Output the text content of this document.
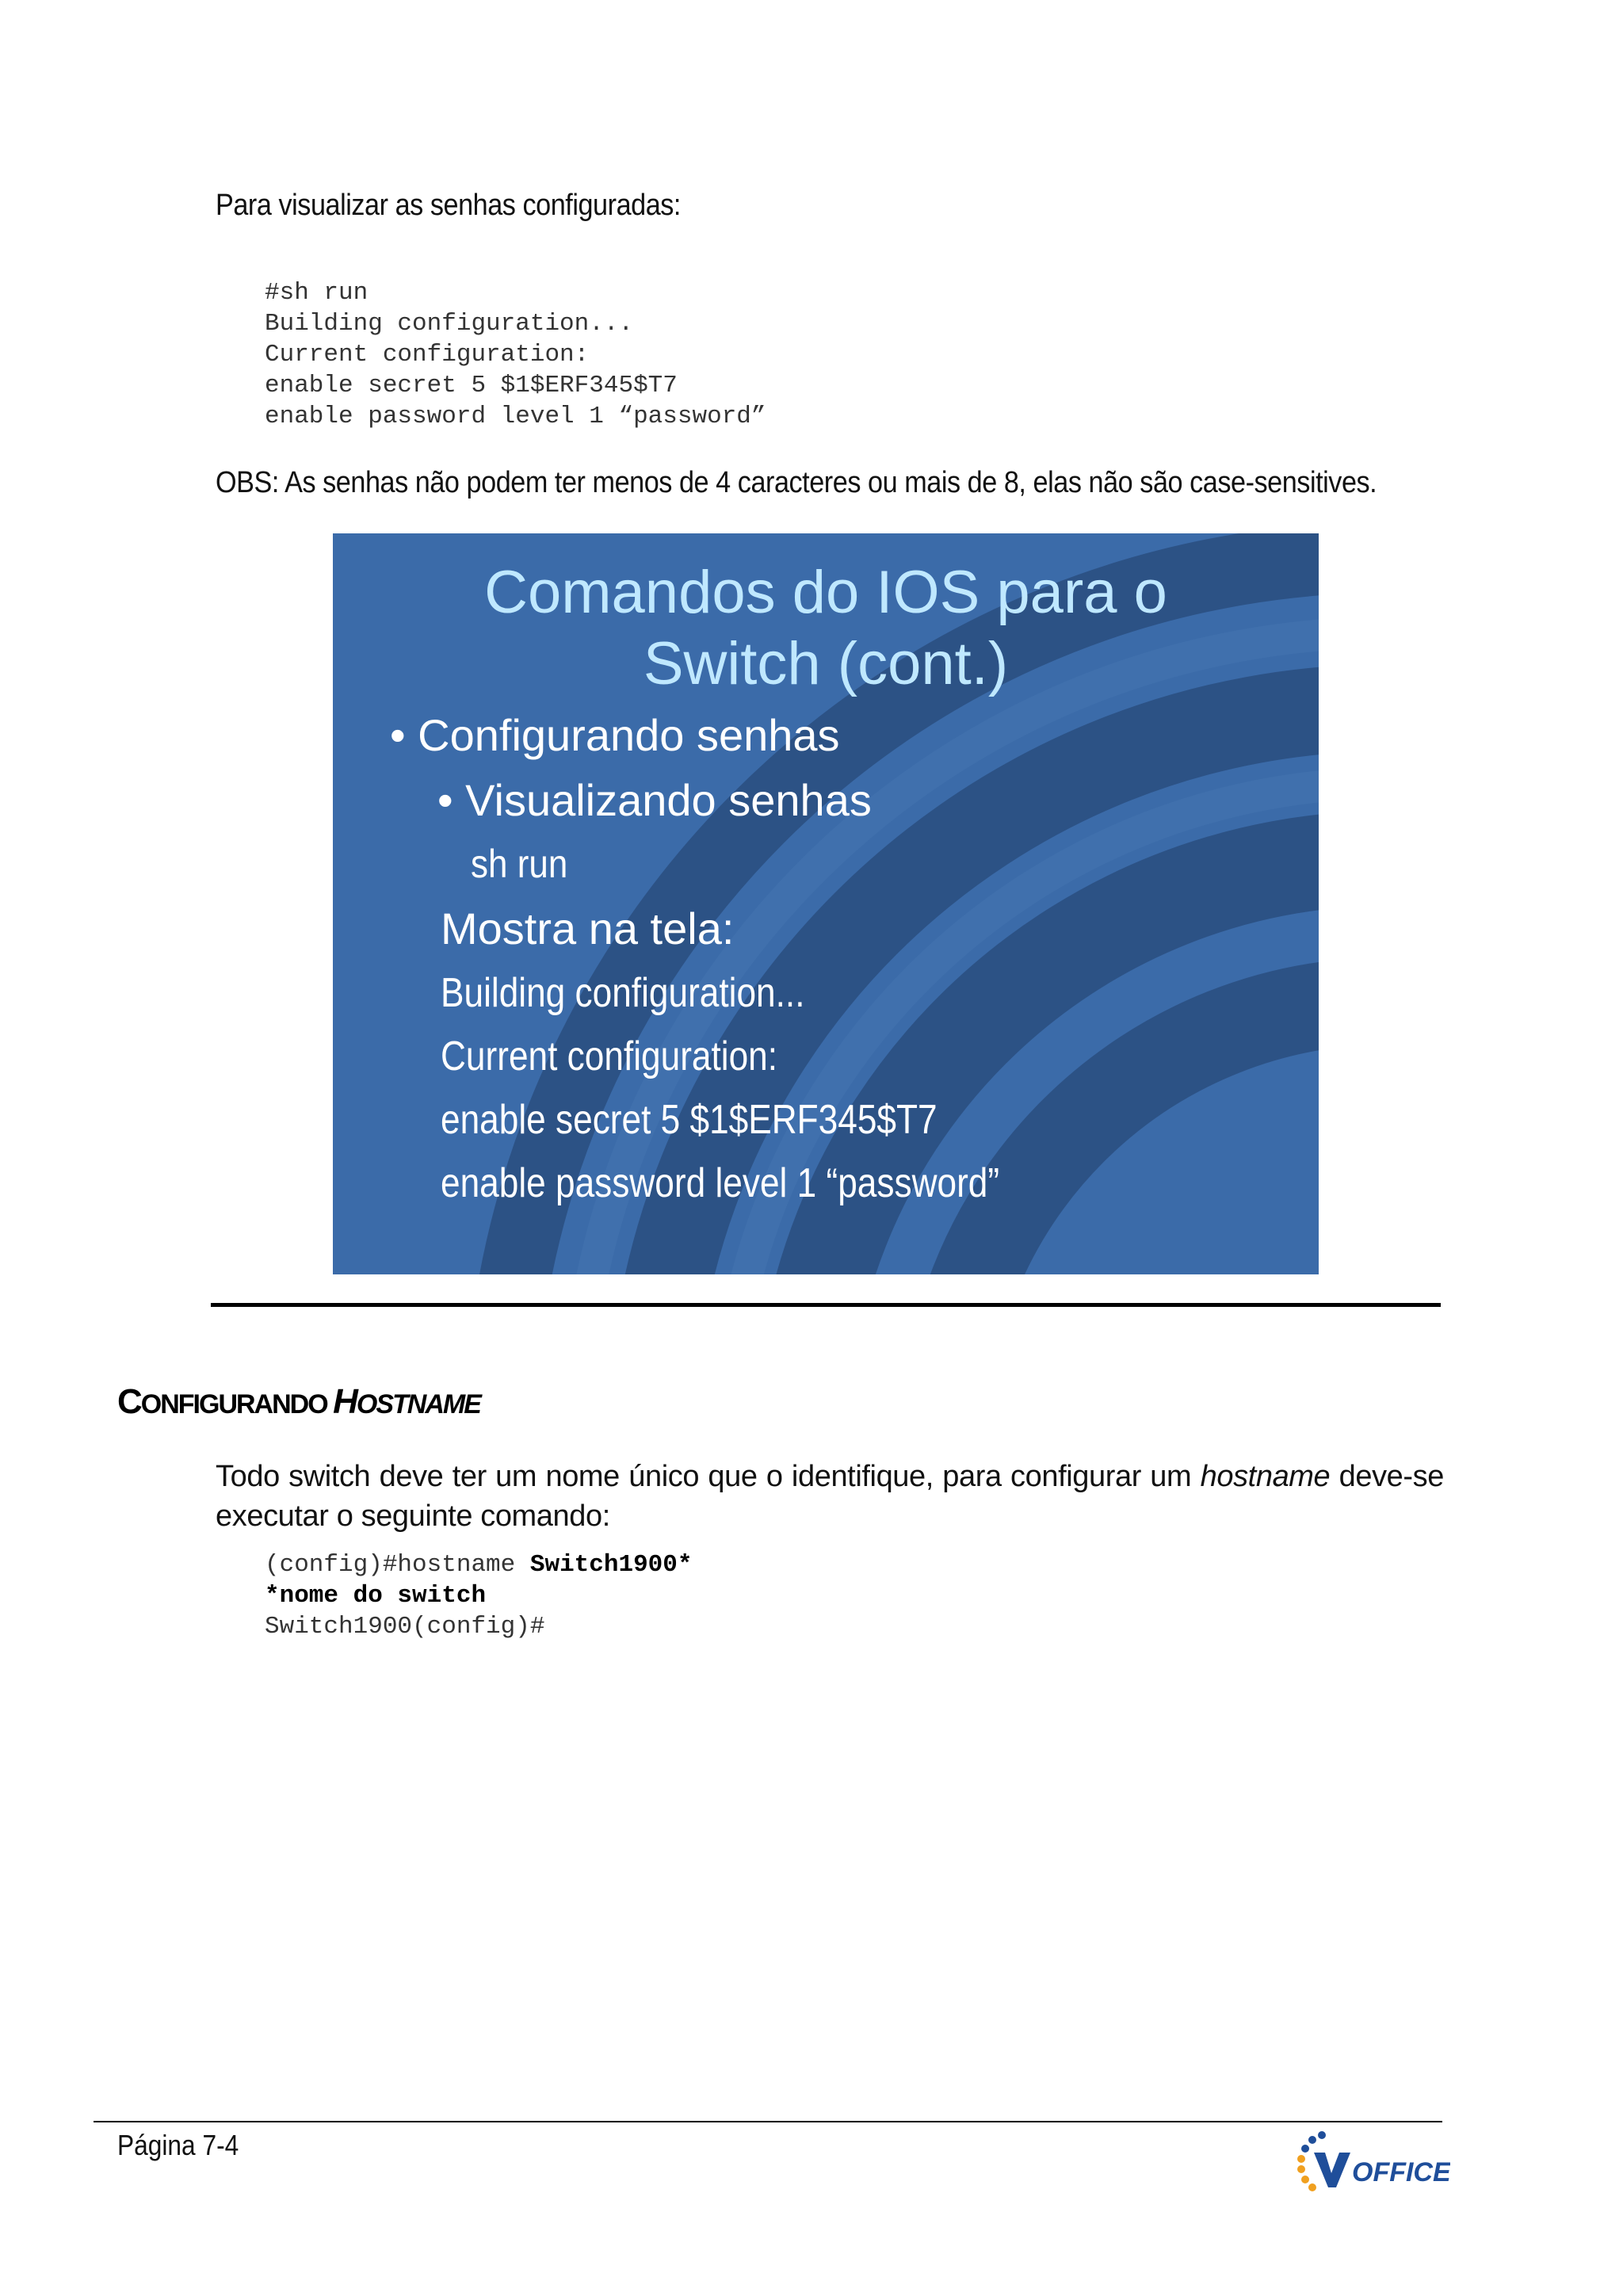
Para visualizar as senhas configuradas:
#sh run
Building configuration...
Current configuration:
enable secret 5 $1$ERF345$T7
enable password level 1 “password”
OBS: As senhas não podem ter menos de 4 caracteres ou mais de 8, elas não são case-sensitives.
Comandos do IOS para o
Switch (cont.)
• Configurando senhas
• Visualizando senhas
sh run
Mostra na tela:
Building configuration...
Current configuration:
enable secret 5 $1$ERF345$T7
enable password level 1 “password”
CONFIGURANDO HOSTNAME
Todo switch deve ter um nome único que o identifique, para configurar um hostname deve-se executar o seguinte comando:
(config)#hostname Switch1900*
*nome do switch
Switch1900(config)#
Página 7-4
OFFICE
